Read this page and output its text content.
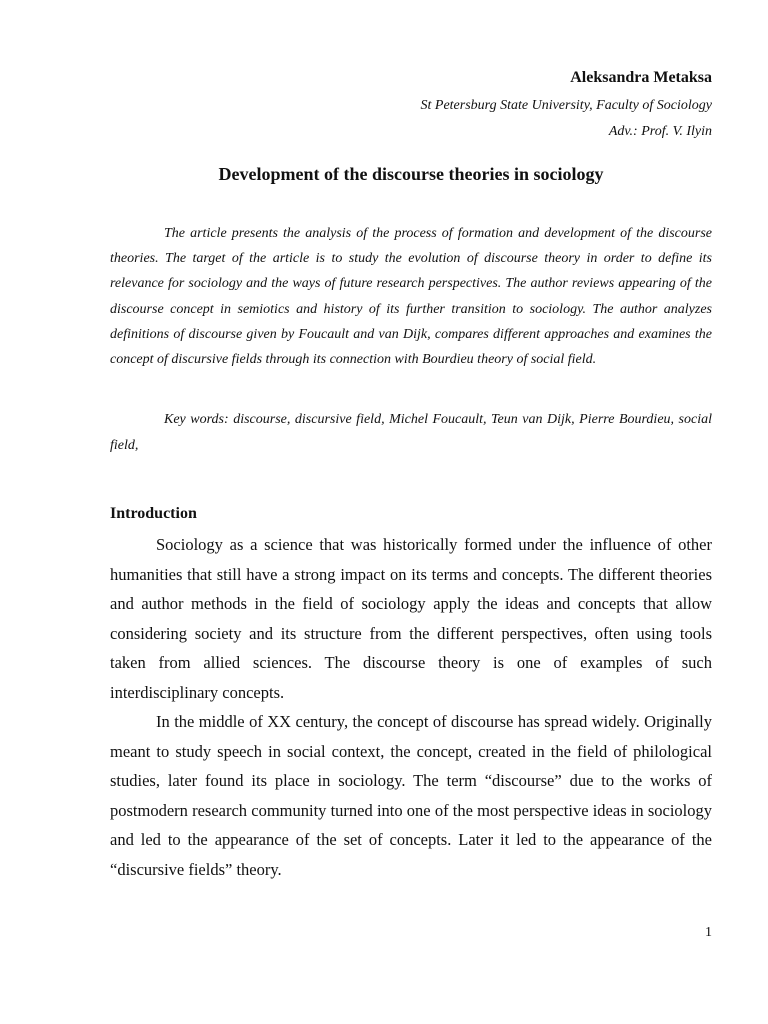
Aleksandra Metaksa
St Petersburg State University, Faculty of Sociology
Adv.: Prof. V. Ilyin
Development of the discourse theories in sociology

The article presents the analysis of the process of formation and development of the discourse theories. The target of the article is to study the evolution of discourse theory in order to define its relevance for sociology and the ways of future research perspectives. The author reviews appearing of the discourse concept in semiotics and history of its further transition to sociology. The author analyzes definitions of discourse given by Foucault and van Dijk, compares different approaches and examines the concept of discursive fields through its connection with Bourdieu theory of social field.

Key words: discourse, discursive field, Michel Foucault, Teun van Dijk, Pierre Bourdieu, social field,

Introduction

Sociology as a science that was historically formed under the influence of other humanities that still have a strong impact on its terms and concepts. The different theories and author methods in the field of sociology apply the ideas and concepts that allow considering society and its structure from the different perspectives, often using tools taken from allied sciences. The discourse theory is one of examples of such interdisciplinary concepts.

In the middle of XX century, the concept of discourse has spread widely. Originally meant to study speech in social context, the concept, created in the field of philological studies, later found its place in sociology. The term “discourse” due to the works of postmodern research community turned into one of the most perspective ideas in sociology and led to the appearance of the set of concepts. Later it led to the appearance of the “discursive fields” theory.

1
